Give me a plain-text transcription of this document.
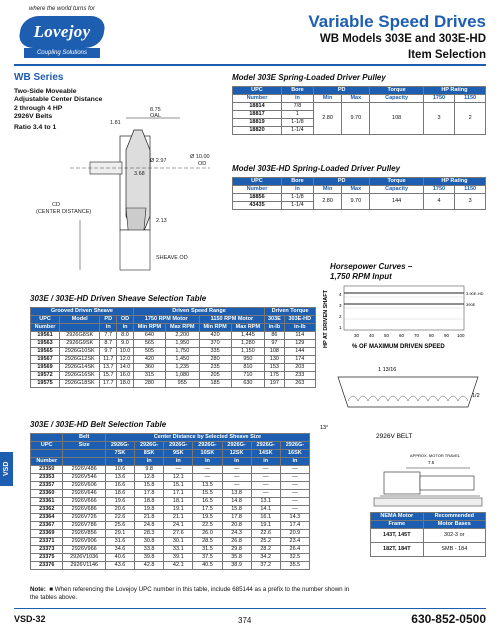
where the world turns for
Lovejoy
Coupling Solutions
Variable Speed Drives
WB Models 303E and 303E-HD
Item Selection
WB Series
Two-Side Moveable
Adjustable Center Distance
2 through 4 HP
2926V Belts
Ratio 3.4 to 1
8.75
OAL
1.81
Ø 2.97
Ø 10.00
OD
3.68
CD
(CENTER DISTANCE)
2.13
SHEAVE OD
Model 303E Spring-Loaded Driver Pulley
UPC	Bore	PD		Torque	HP Rating	
Number	in	Min	Max	Capacity	1750	1150
18814	7/8	2.80	9.70	108	3	2
18817	1					
18819	1-1/8					
18820	1-1/4					
Model 303E-HD Spring-Loaded Driver Pulley
UPC	Bore	PD		Torque	HP Rating	
Number	in	Min	Max	Capacity	1750	1150
18856	1-1/8	2.80	9.70	144	4	3
43435	1-1/4					
Horsepower Curves –
1,750 RPM Input
HP AT DRIVEN SHAFT 1
2
3
4	3.90E-HD
390E
30 40 50 60 70 80 90 100
% OF MAXIMUM DRIVEN SPEED
303E / 303E-HD Driven Sheave Selection Table
Grooved Driven Sheave				Driven Speed Range				Driven Torque	
UPC	Model	PD	OD	1750 RPM Motor		1150 RPM Motor		303E	303E-HD
Number		in	in	Min RPM	Max RPM	Min RPM	Max RPM	in-lb	in-lb
19561	2926G8SK	7.7	8.0	640	2,200	420	1,445	86	114
19563	2926G9SK	8.7	9.0	565	1,950	370	1,280	97	129
19565	2926G10SK	9.7	10.0	505	1,750	335	1,150	108	144
19567	2926G12SK	11.7	12.0	420	1,450	280	950	130	174
19569	2926G14SK	13.7	14.0	360	1,235	235	810	153	203
19572	2926G16SK	15.7	16.0	315	1,080	205	710	175	233
19575	2926G18SK	17.7	18.0	280	955	185	630	197	263
1 13/16
1/2
13°
2926V BELT
APPROX. MOTOR TRAVEL
7.5
NEMA Motor	Recommended
Frame	Motor Bases
143T, 145T	302-3 or
182T, 184T	SMB - 184
303E / 303E-HD Belt Selection Table
	Belt	Center Distance by Selected Sheave Size						
UPC	Size	2926G-	2926G-	2926G-	2926G-	2926G-	2926G-	2926G-
		7SK	8SK	9SK	10SK	12SK	14SK	16SK
Number		in	in	in	in	in	in	in
23350	2926V486	10.6	9.8	—	—	—	—	—
23353	2926V546	13.6	12.8	12.1	—	—	—	—
23357	2926V606	16.6	15.8	15.1	13.5	—	—	—
23360	2926V646	18.6	17.8	17.1	15.5	13.8	—	—
23361	2926V666	19.6	18.8	18.1	16.5	14.8	13.1	—
23362	2926V686	20.6	19.8	19.1	17.5	15.8	14.1	—
23364	2926V726	22.6	21.8	21.1	19.5	17.8	16.1	14.3
23367	2926V786	25.6	24.8	24.1	22.5	20.8	19.1	17.4
23369	2926V856	29.1	28.3	27.6	26.0	24.3	22.6	20.9
23371	2926V906	31.6	30.8	30.1	28.5	26.8	25.2	23.4
23373	2926V966	34.6	33.8	33.1	31.5	29.8	28.2	26.4
23375	2926V1036	40.6	39.8	39.1	37.5	35.8	34.2	32.5
23376	2926V1146	43.6	42.8	42.1	40.5	38.9	37.2	35.5
VSD
Note:  ■ When referencing the Lovejoy UPC number in this table, include 685144 as a prefix to the number shown in the tables above.
VSD-32	374	630-852-0500
